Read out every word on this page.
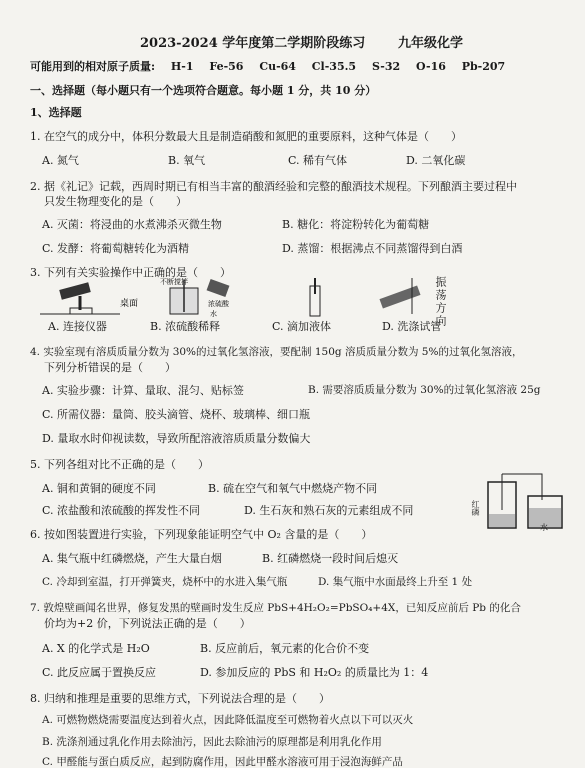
2023-2024 学年度第二学期阶段练习	九年级化学
可能用到的相对原子质量: H-1 Fe-56 Cu-64 Cl-35.5 S-32 O-16 Pb-207
一、选择题（每小题只有一个选项符合题意。每小题 1 分，共 10 分）
1、选择题
1. 在空气的成分中，体积分数最大且是制造硝酸和氮肥的重要原料，这种气体是（　　）
A. 氮气	B. 氧气	C. 稀有气体	D. 二氧化碳
2. 据《礼记》记载，西周时期已有相当丰富的酿酒经验和完整的酿酒技术规程。下列酿酒主要过程中
只发生物理变化的是（　　）
A. 灭菌：将浸曲的水煮沸杀灭微生物	B. 糖化：将淀粉转化为葡萄糖
C. 发酵：将葡萄糖转化为酒精	D. 蒸馏：根据沸点不同蒸馏得到白酒
3. 下列有关实验操作中正确的是（　　）
桌面
不断搅拌
浓硫酸
水	振荡方向
A. 连接仪器	B. 浓硫酸稀释	C. 滴加液体	D. 洗涤试管
4. 实验室现有溶质质量分数为 30%的过氧化氢溶液，要配制 150g 溶质质量分数为 5%的过氧化氢溶液，
下列分析错误的是（　　）
A. 实验步骤：计算、量取、混匀、贴标签	B. 需要溶质质量分数为 30%的过氧化氢溶液 25g
C. 所需仪器：量筒、胶头滴管、烧杯、玻璃棒、细口瓶
D. 量取水时仰视读数，导致所配溶液溶质质量分数偏大
5. 下列各组对比不正确的是（　　）
A. 铜和黄铜的硬度不同	B. 硫在空气和氧气中燃烧产物不同
C. 浓盐酸和浓硫酸的挥发性不同	D. 生石灰和熟石灰的元素组成不同	红磷
水
6. 按如图装置进行实验，下列现象能证明空气中 O₂ 含量的是（　　）
A. 集气瓶中红磷燃烧，产生大量白烟	B. 红磷燃烧一段时间后熄灭
C. 冷却到室温，打开弹簧夹，烧杯中的水进入集气瓶	D. 集气瓶中水面最终上升至 1 处
7. 敦煌壁画闻名世界，修复发黑的壁画时发生反应 PbS+4H₂O₂=PbSO₄+4X，已知反应前后 Pb 的化合
价均为+2 价，下列说法正确的是（　　）
A. X 的化学式是 H₂O	B. 反应前后，氧元素的化合价不变
C. 此反应属于置换反应	D. 参加反应的 PbS 和 H₂O₂ 的质量比为 1：4
8. 归纳和推理是重要的思维方式，下列说法合理的是（　　）
A. 可燃物燃烧需要温度达到着火点，因此降低温度至可燃物着火点以下可以灭火
B. 洗涤剂通过乳化作用去除油污，因此去除油污的原理都是利用乳化作用
C. 甲醛能与蛋白质反应，起到防腐作用，因此甲醛水溶液可用于浸泡海鲜产品
